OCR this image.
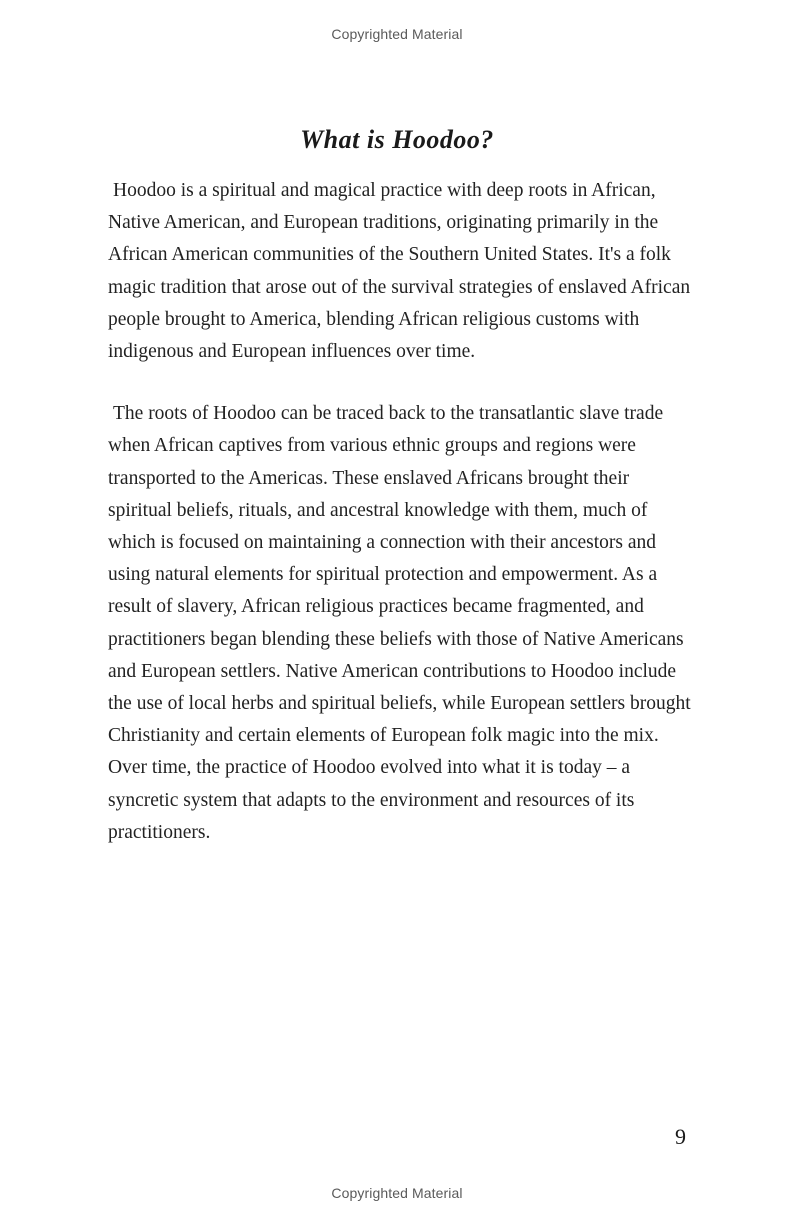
Copyrighted Material
What is Hoodoo?

Hoodoo is a spiritual and magical practice with deep roots in African, Native American, and European traditions, originating primarily in the African American communities of the Southern United States. It's a folk magic tradition that arose out of the survival strategies of enslaved African people brought to America, blending African religious customs with indigenous and European influences over time.

The roots of Hoodoo can be traced back to the transatlantic slave trade when African captives from various ethnic groups and regions were transported to the Americas. These enslaved Africans brought their spiritual beliefs, rituals, and ancestral knowledge with them, much of which is focused on maintaining a connection with their ancestors and using natural elements for spiritual protection and empowerment. As a result of slavery, African religious practices became fragmented, and practitioners began blending these beliefs with those of Native Americans and European settlers. Native American contributions to Hoodoo include the use of local herbs and spiritual beliefs, while European settlers brought Christianity and certain elements of European folk magic into the mix. Over time, the practice of Hoodoo evolved into what it is today – a syncretic system that adapts to the environment and resources of its practitioners.

9
Copyrighted Material
